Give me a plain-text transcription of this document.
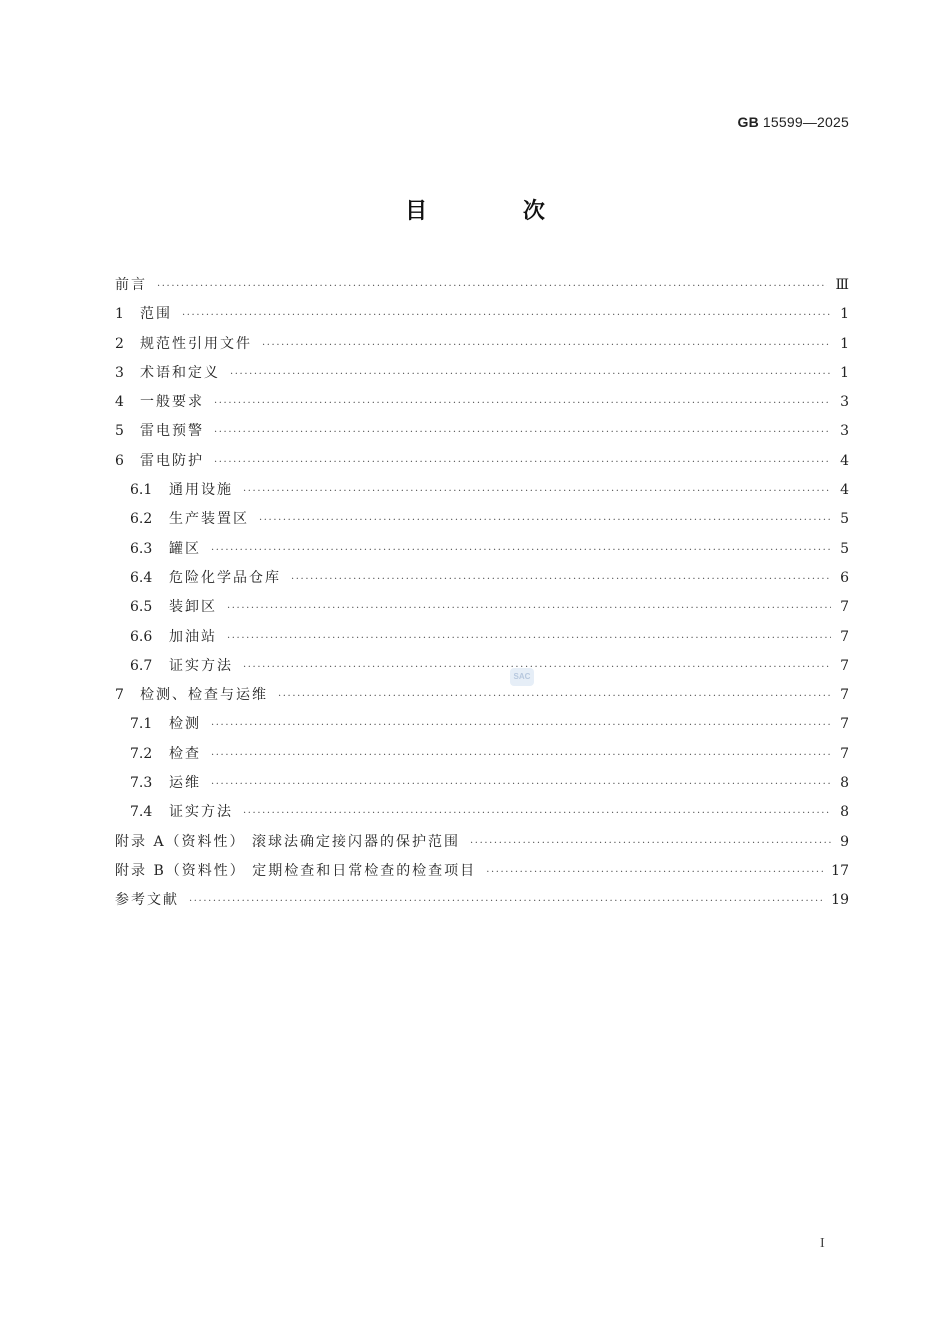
GB 15599—2025
目 次
前言 ·····	Ⅲ
1	范围 ·····	1
2	规范性引用文件 ·····	1
3	术语和定义 ·····	1
4	一般要求 ·····	3
5	雷电预警 ·····	3
6	雷电防护 ·····	4
6.1	通用设施 ·····	4
6.2	生产装置区 ·····	5
6.3	罐区 ·····	5
6.4	危险化学品仓库 ·····	6
6.5	装卸区 ·····	7
6.6	加油站 ·····	7
6.7	证实方法 ·····	7
7	检测、检查与运维 ·····	7
7.1	检测 ·····	7
7.2	检查 ·····	7
7.3	运维 ·····	8
7.4	证实方法 ·····	8
附录 A（资料性） 滚球法确定接闪器的保护范围 ·····	9
附录 B（资料性） 定期检查和日常检查的检查项目 ·····	17
参考文献 ·····	19
SAC
I
